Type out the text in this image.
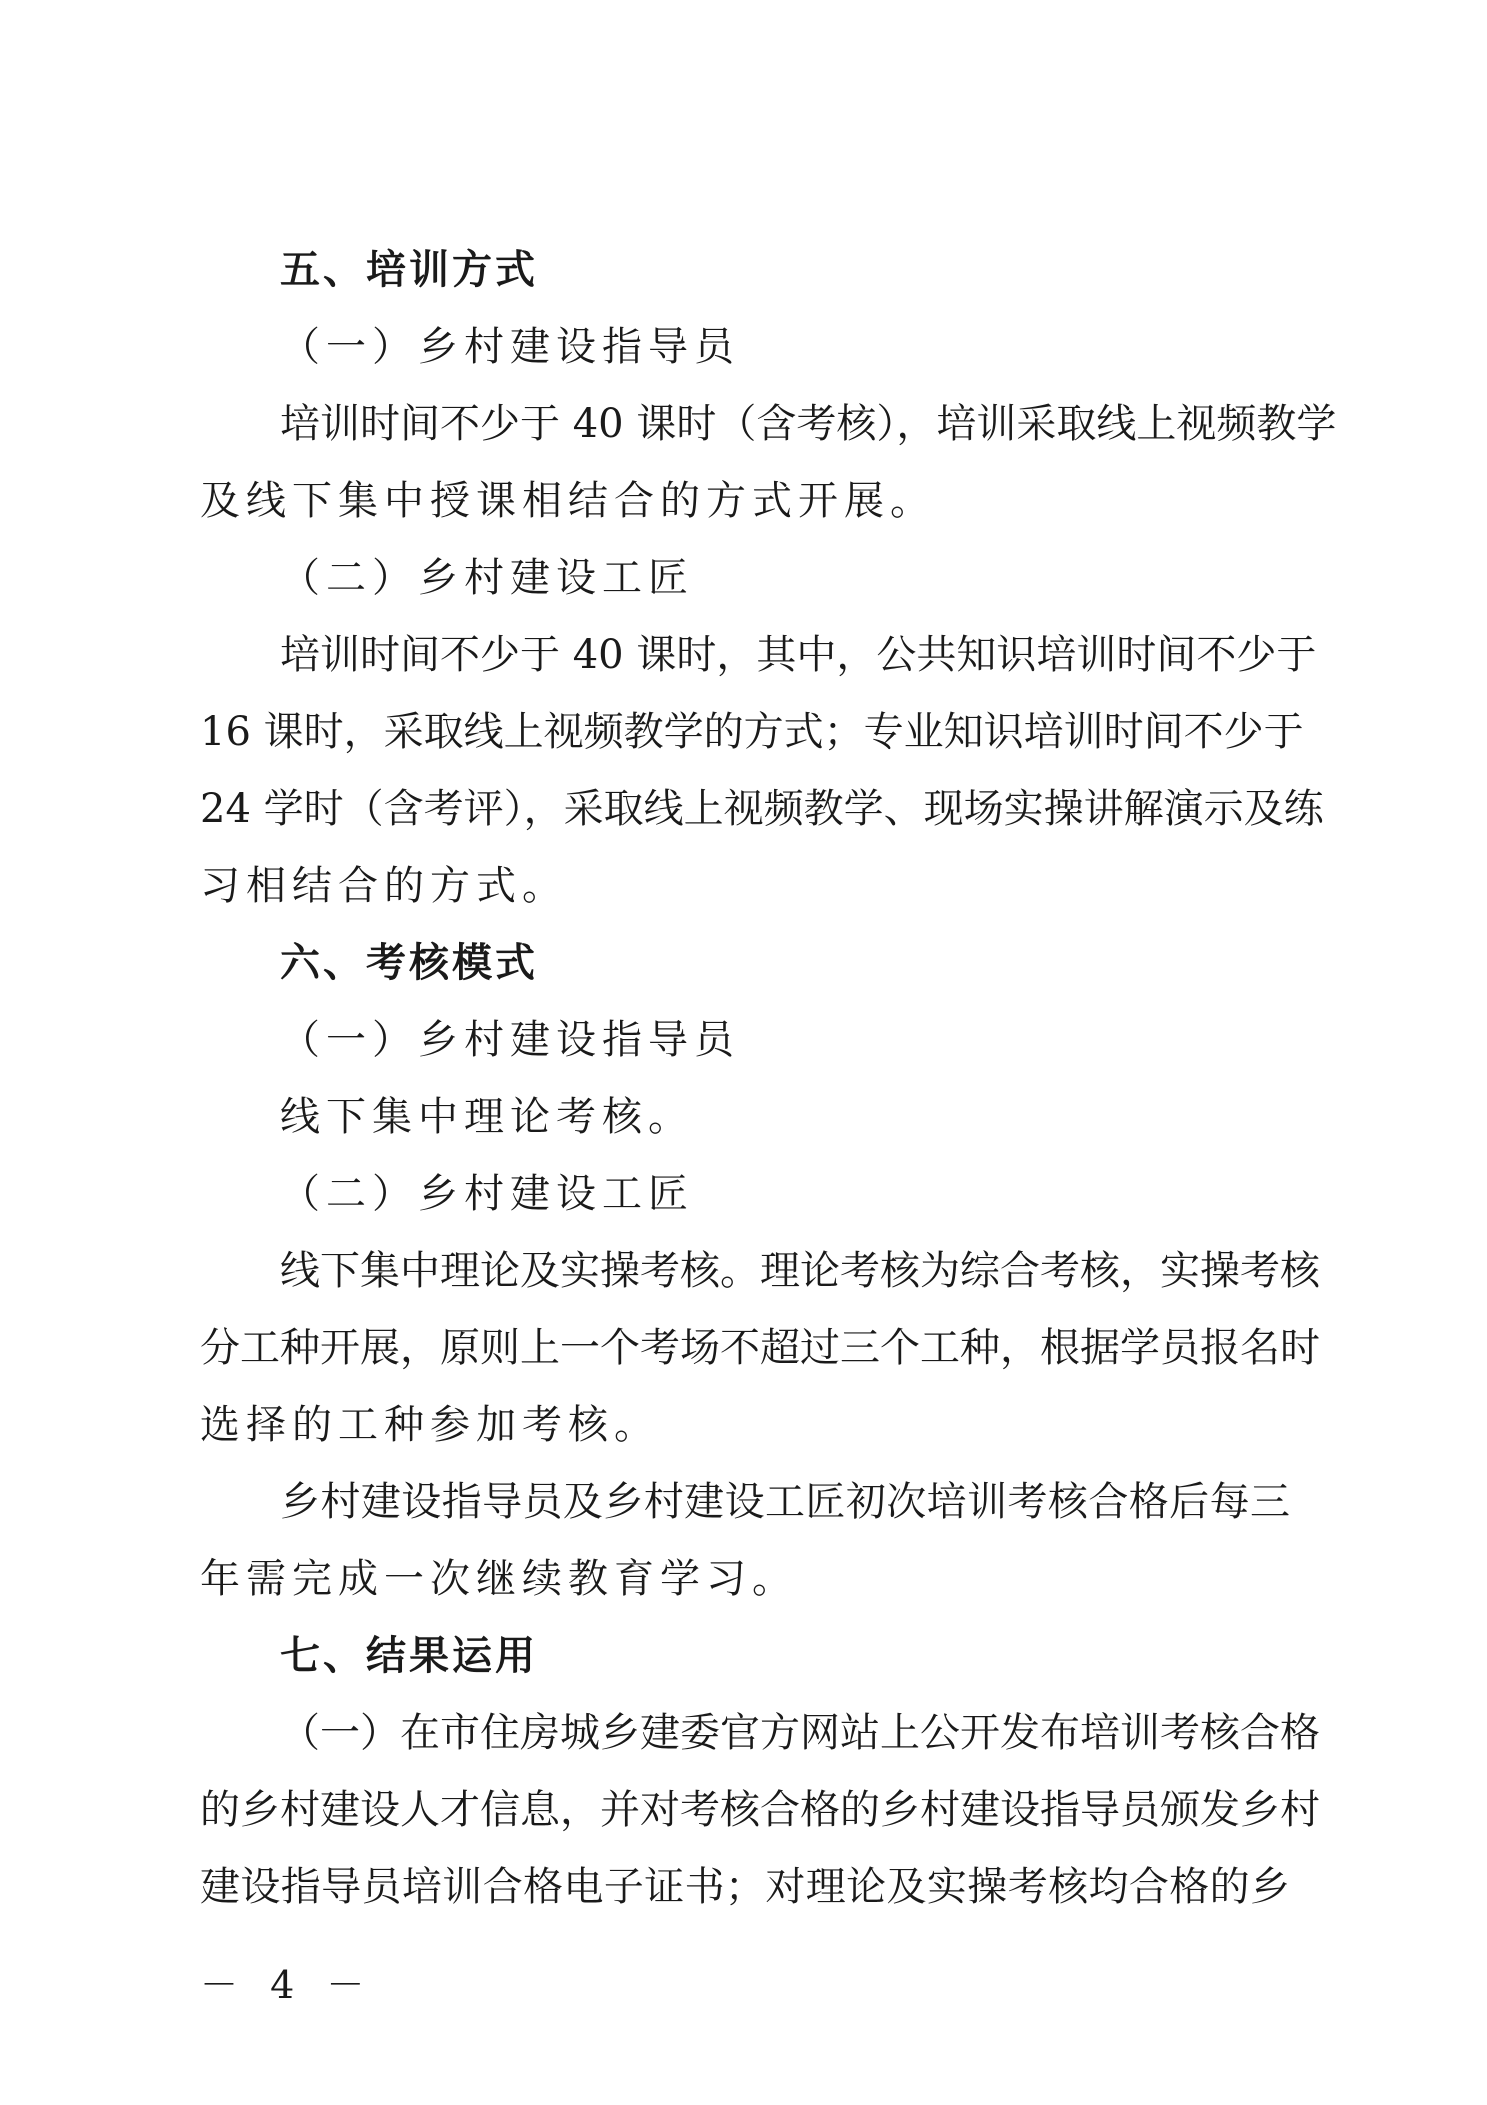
五、培训方式
（一）乡村建设指导员
培训时间不少于 40 课时（含考核），培训采取线上视频教学
及线下集中授课相结合的方式开展。
（二）乡村建设工匠
培训时间不少于 40 课时，其中，公共知识培训时间不少于
16 课时，采取线上视频教学的方式；专业知识培训时间不少于
24 学时（含考评），采取线上视频教学、现场实操讲解演示及练
习相结合的方式。
六、考核模式
（一）乡村建设指导员
线下集中理论考核。
（二）乡村建设工匠
线下集中理论及实操考核。理论考核为综合考核，实操考核
分工种开展，原则上一个考场不超过三个工种，根据学员报名时
选择的工种参加考核。
乡村建设指导员及乡村建设工匠初次培训考核合格后每三
年需完成一次继续教育学习。
七、结果运用
（一）在市住房城乡建委官方网站上公开发布培训考核合格
的乡村建设人才信息，并对考核合格的乡村建设指导员颁发乡村
建设指导员培训合格电子证书；对理论及实操考核均合格的乡
－ 4 －
